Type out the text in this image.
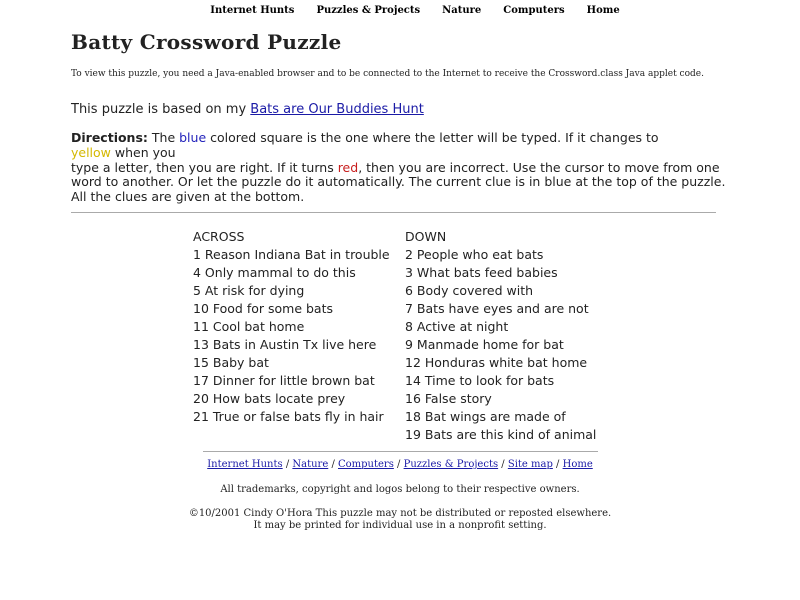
Internet Hunts Puzzles & Projects Nature Computers Home
Batty Crossword Puzzle

To view this puzzle, you need a Java-enabled browser and to be connected to the Internet to receive the Crossword.class Java applet code.

This puzzle is based on my Bats are Our Buddies Hunt

Directions: The blue colored square is the one where the letter will be typed. If it changes to
yellow when you
type a letter, then you are right. If it turns red, then you are incorrect. Use the cursor to move from one word to another. Or let the puzzle do it automatically. The current clue is in blue at the top of the puzzle. All the clues are given at the bottom.

ACROSS
1 Reason Indiana Bat in trouble
4 Only mammal to do this
5 At risk for dying
10 Food for some bats
11 Cool bat home
13 Bats in Austin Tx live here
15 Baby bat
17 Dinner for little brown bat
20 How bats locate prey
21 True or false bats fly in hair
DOWN
2 People who eat bats
3 What bats feed babies
6 Body covered with
7 Bats have eyes and are not
8 Active at night
9 Manmade home for bat
12 Honduras white bat home
14 Time to look for bats
16 False story
18 Bat wings are made of
19 Bats are this kind of animal
Internet Hunts / Nature / Computers / Puzzles & Projects / Site map / Home
All trademarks, copyright and logos belong to their respective owners.
©10/2001 Cindy O'Hora This puzzle may not be distributed or reposted elsewhere.
It may be printed for individual use in a nonprofit setting.
